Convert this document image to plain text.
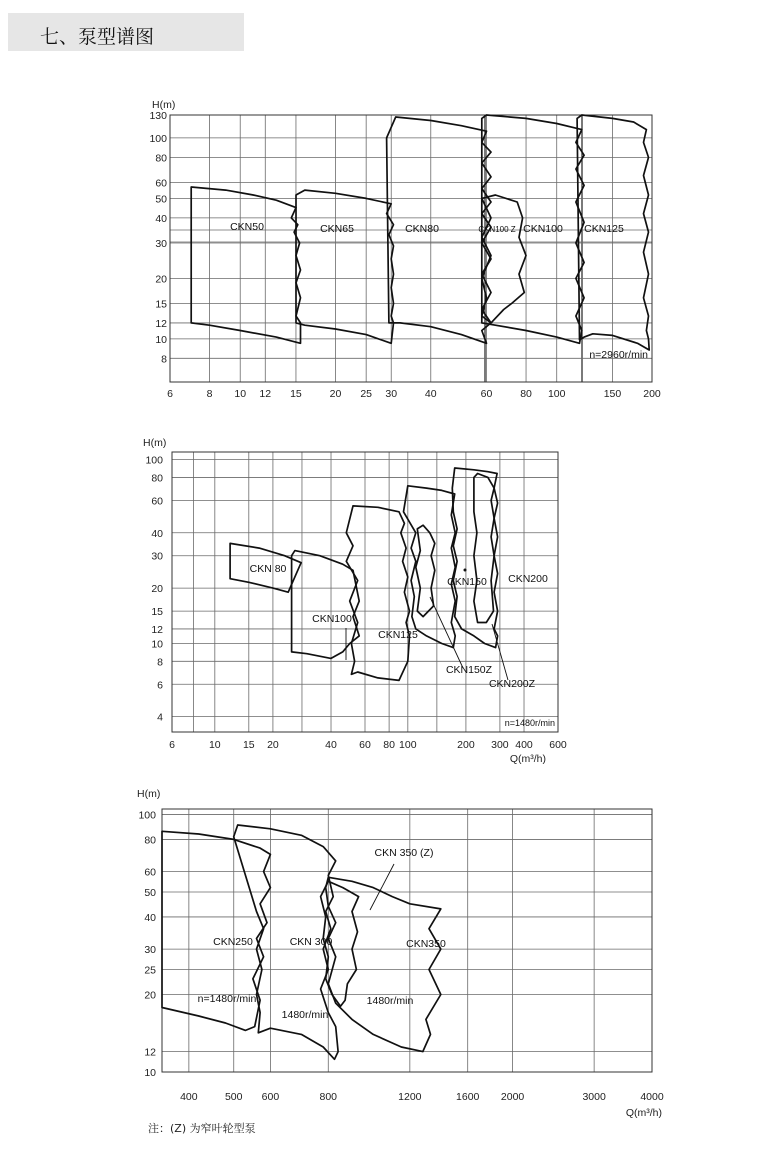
七、泵型谱图
6	8 10 12 15	20 25 30	40	60	80 100	150 200
130
100
80
60
50
40
30
20
15
12
10
8
H(m)
CKN50	CKN65	CKN80	CKN100 Z CKN100 CKN125
n=2960r/min
6	10 15 20	40 60 80 100	200 300 400 600
100
80
60
40
30
20
15
12
10
8
6
4
H(m)
Q(m³/h)
CKN 80
CKN100
CKN125
CKN150 CKN200
CKN150Z
CKN200Z
n=1480r/min
400	500 600	800	1200	1600 2000	3000	4000
100
80
60
50
40
30
25
20
12
10
H(m)
Q(m³/h)
CKN250	CKN 300
CKN 350 (Z)
CKN350
n=1480r/min
1480r/min
1480r/min
注：(Z) 为窄叶轮型泵
